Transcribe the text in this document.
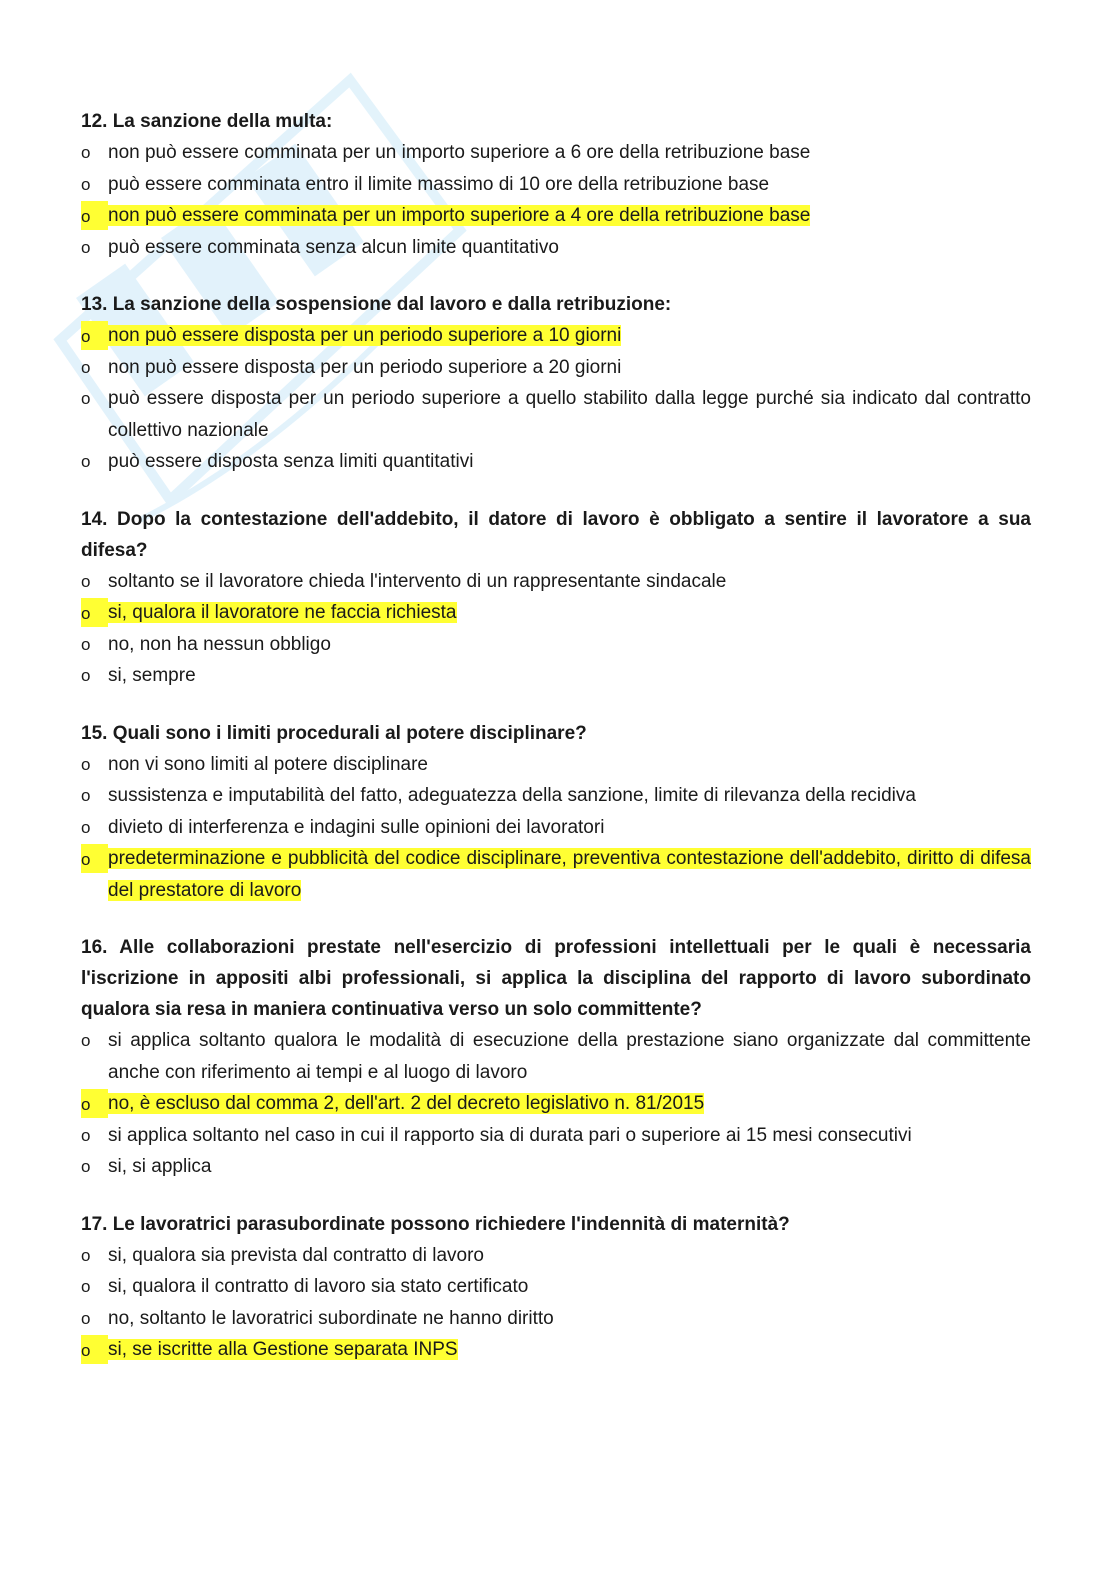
12. La sanzione della multa:

o non può essere comminata per un importo superiore a 6 ore della retribuzione base
o può essere comminata entro il limite massimo di 10 ore della retribuzione base
o non può essere comminata per un importo superiore a 4 ore della retribuzione base
o può essere comminata senza alcun limite quantitativo

13. La sanzione della sospensione dal lavoro e dalla retribuzione:

o non può essere disposta per un periodo superiore a 10 giorni
o non può essere disposta per un periodo superiore a 20 giorni
o può essere disposta per un periodo superiore a quello stabilito dalla legge purché sia indicato dal contratto collettivo nazionale
o può essere disposta senza limiti quantitativi

14. Dopo la contestazione dell'addebito, il datore di lavoro è obbligato a sentire il lavoratore a sua difesa?

o soltanto se il lavoratore chieda l'intervento di un rappresentante sindacale
o si, qualora il lavoratore ne faccia richiesta
o no, non ha nessun obbligo
o si, sempre

15. Quali sono i limiti procedurali al potere disciplinare?

o non vi sono limiti al potere disciplinare
o sussistenza e imputabilità del fatto, adeguatezza della sanzione, limite di rilevanza della recidiva
o divieto di interferenza e indagini sulle opinioni dei lavoratori
o predeterminazione e pubblicità del codice disciplinare, preventiva contestazione dell'addebito, diritto di difesa del prestatore di lavoro

16. Alle collaborazioni prestate nell'esercizio di professioni intellettuali per le quali è necessaria l'iscrizione in appositi albi professionali, si applica la disciplina del rapporto di lavoro subordinato qualora sia resa in maniera continuativa verso un solo committente?

o si applica soltanto qualora le modalità di esecuzione della prestazione siano organizzate dal committente anche con riferimento ai tempi e al luogo di lavoro
o no, è escluso dal comma 2, dell'art. 2 del decreto legislativo n. 81/2015
o si applica soltanto nel caso in cui il rapporto sia di durata pari o superiore ai 15 mesi consecutivi
o si, si applica

17. Le lavoratrici parasubordinate possono richiedere l'indennità di maternità?

o si, qualora sia prevista dal contratto di lavoro
o si, qualora il contratto di lavoro sia stato certificato
o no, soltanto le lavoratrici subordinate ne hanno diritto
o si, se iscritte alla Gestione separata INPS
